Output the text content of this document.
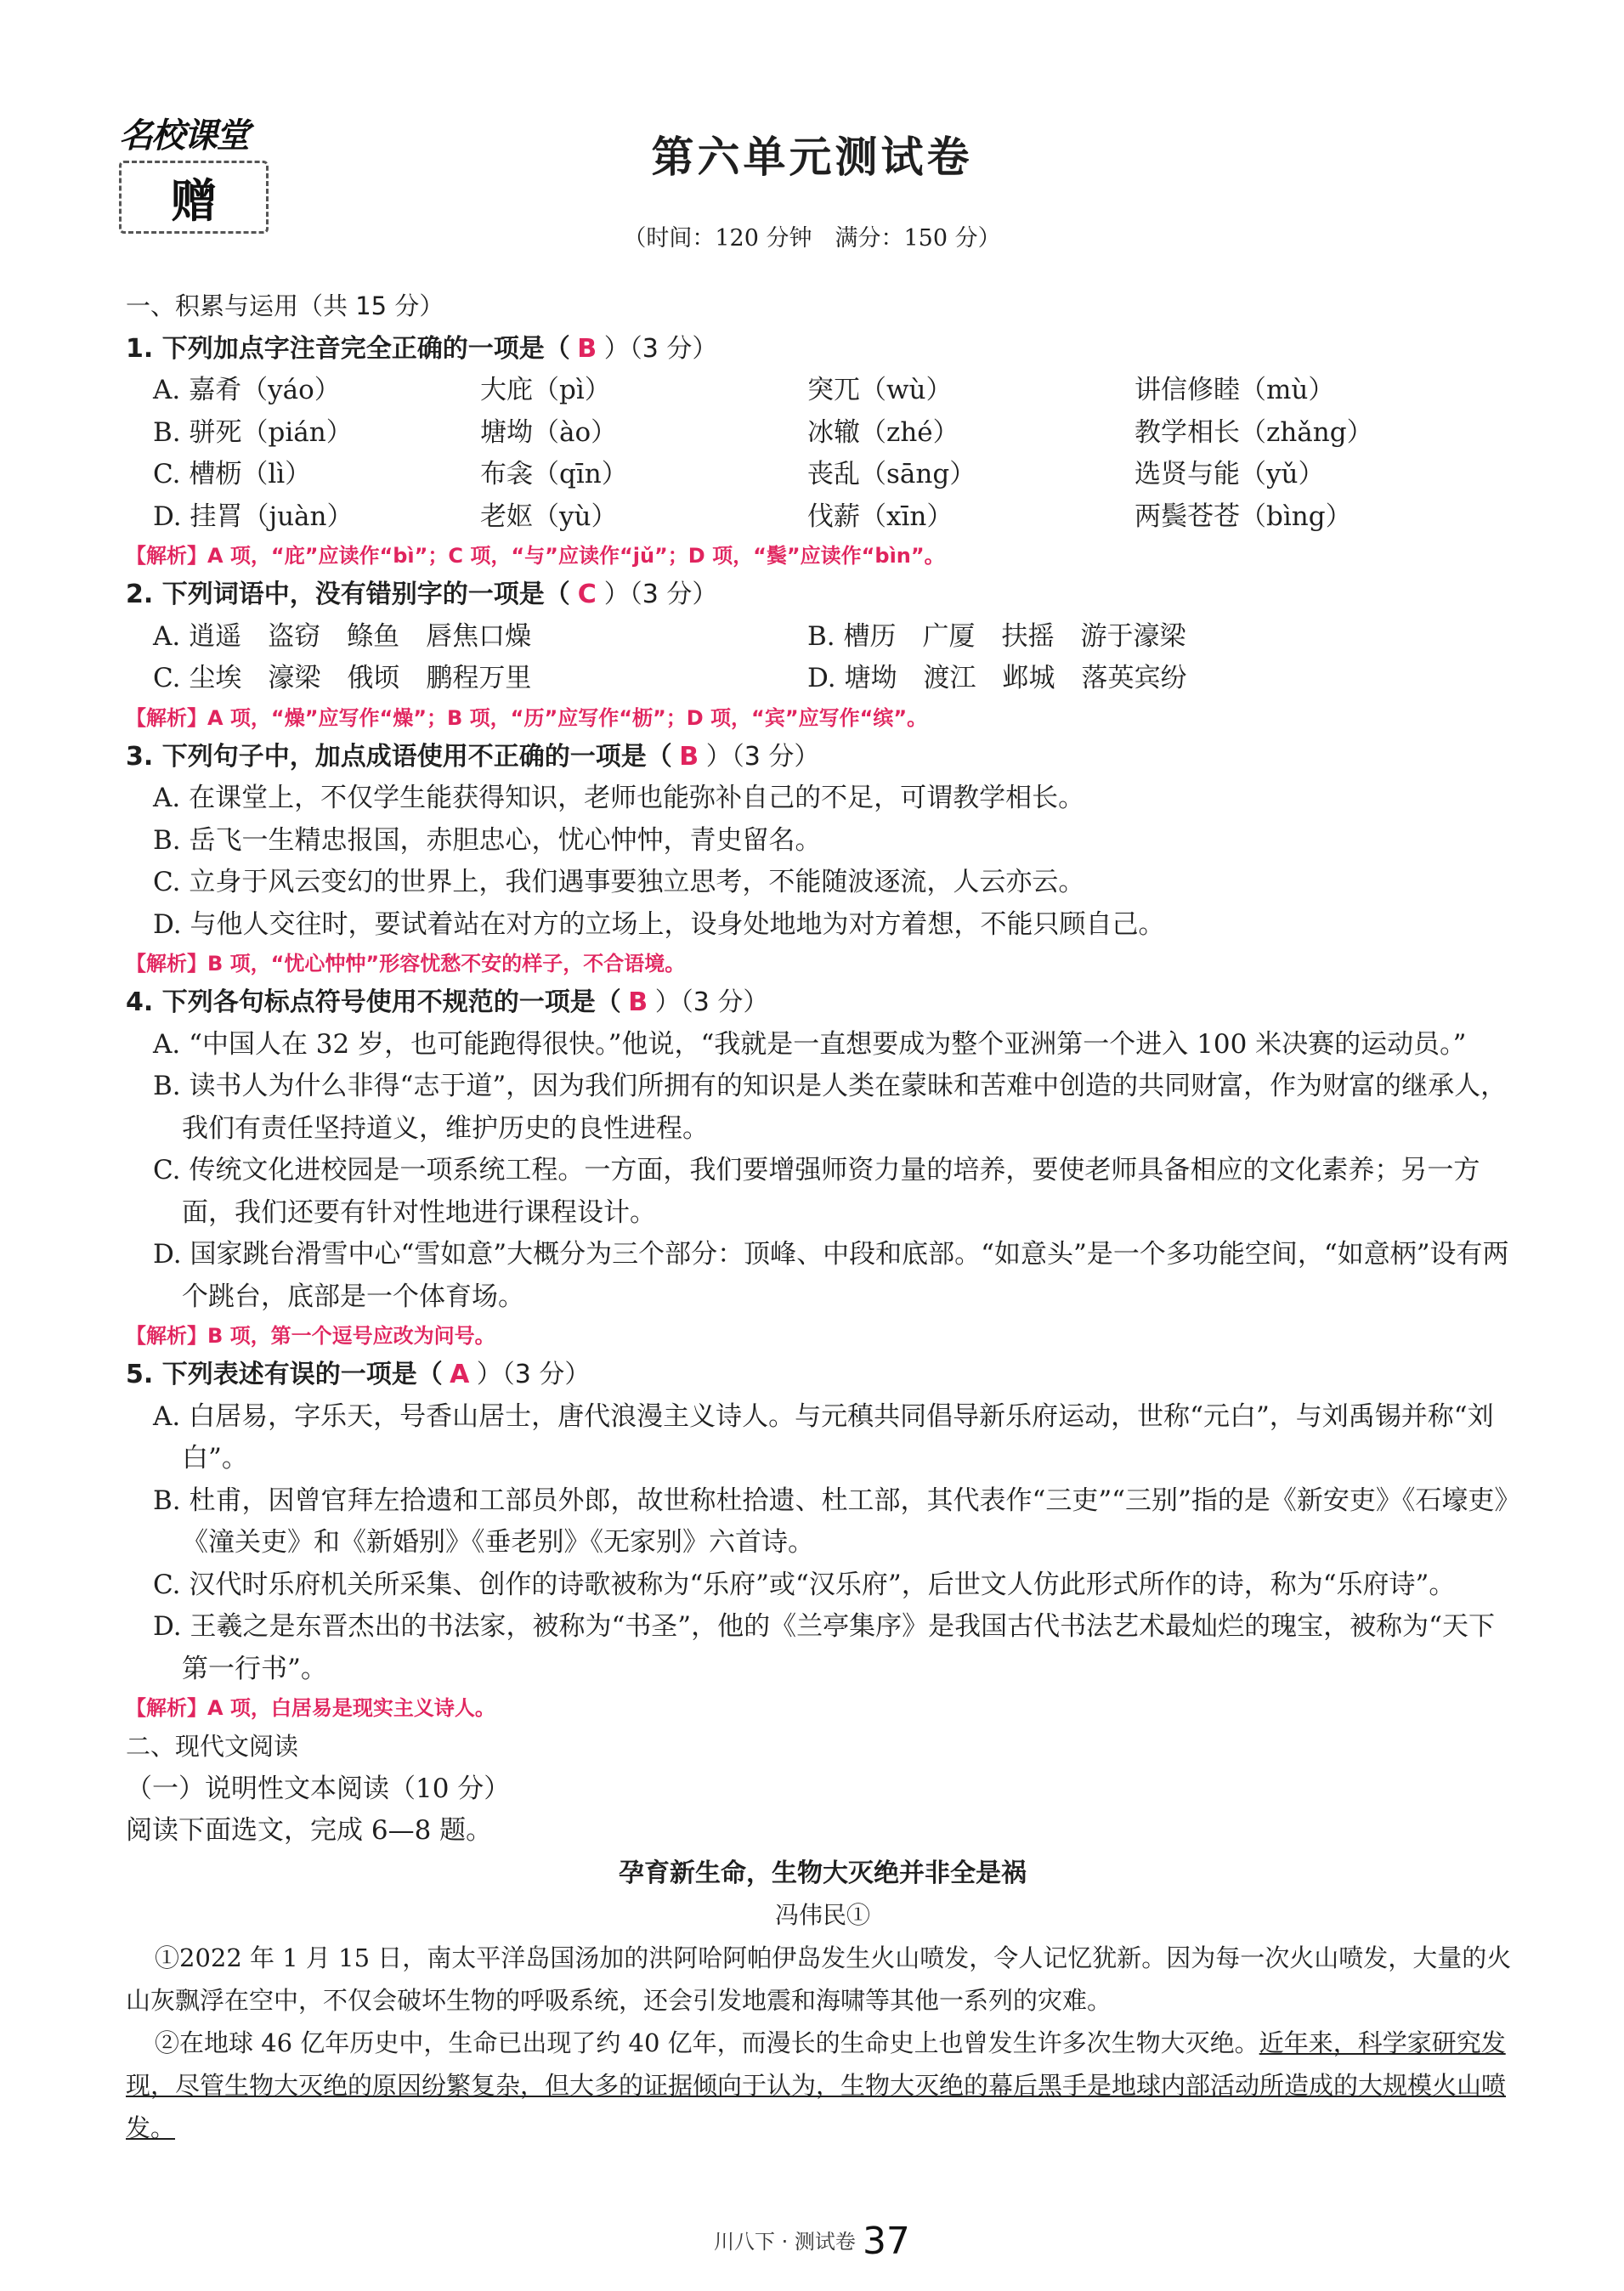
名校课堂
赠
第六单元测试卷
（时间：120 分钟　满分：150 分）

一、积累与运用（共 15 分）

1. 下列加点字注音完全正确的一项是（ B ）（3 分）

A. 嘉肴（yáo）	大庇（pì）	突兀（wù）	讲信修睦（mù）
B. 骈死（pián）	塘坳（ào）	冰辙（zhé）	教学相长（zhǎng）
C. 槽枥（lì）	布衾（qīn）	丧乱（sāng）	选贤与能（yǔ）
D. 挂罥（juàn）	老妪（yù）	伐薪（xīn）	两鬓苍苍（bìng）

【解析】A 项，“庇”应读作“bì”；C 项，“与”应读作“jǔ”；D 项，“鬓”应读作“bìn”。

2. 下列词语中，没有错别字的一项是（ C ）（3 分）

A. 逍遥　盗窃　鲦鱼　唇焦口燥	B. 槽历　广厦　扶摇　游于濠梁
C. 尘埃　濠梁　俄顷　鹏程万里	D. 塘坳　渡江　邺城　落英宾纷

【解析】A 项，“燥”应写作“燥”；B 项，“历”应写作“枥”；D 项，“宾”应写作“缤”。

3. 下列句子中，加点成语使用不正确的一项是（ B ）（3 分）

A. 在课堂上，不仅学生能获得知识，老师也能弥补自己的不足，可谓教学相长。

B. 岳飞一生精忠报国，赤胆忠心，忧心忡忡，青史留名。

C. 立身于风云变幻的世界上，我们遇事要独立思考，不能随波逐流，人云亦云。

D. 与他人交往时，要试着站在对方的立场上，设身处地地为对方着想，不能只顾自己。

【解析】B 项，“忧心忡忡”形容忧愁不安的样子，不合语境。

4. 下列各句标点符号使用不规范的一项是（ B ）（3 分）

A. “中国人在 32 岁，也可能跑得很快。”他说，“我就是一直想要成为整个亚洲第一个进入 100 米决赛的运动员。”

B. 读书人为什么非得“志于道”，因为我们所拥有的知识是人类在蒙昧和苦难中创造的共同财富，作为财富的继承人，我们有责任坚持道义，维护历史的良性进程。

C. 传统文化进校园是一项系统工程。一方面，我们要增强师资力量的培养，要使老师具备相应的文化素养；另一方面，我们还要有针对性地进行课程设计。

D. 国家跳台滑雪中心“雪如意”大概分为三个部分：顶峰、中段和底部。“如意头”是一个多功能空间，“如意柄”设有两个跳台，底部是一个体育场。

【解析】B 项，第一个逗号应改为问号。

5. 下列表述有误的一项是（ A ）（3 分）

A. 白居易，字乐天，号香山居士，唐代浪漫主义诗人。与元稹共同倡导新乐府运动，世称“元白”，与刘禹锡并称“刘白”。

B. 杜甫，因曾官拜左拾遗和工部员外郎，故世称杜拾遗、杜工部，其代表作“三吏”“三别”指的是《新安吏》《石壕吏》《潼关吏》和《新婚别》《垂老别》《无家别》六首诗。

C. 汉代时乐府机关所采集、创作的诗歌被称为“乐府”或“汉乐府”，后世文人仿此形式所作的诗，称为“乐府诗”。

D. 王羲之是东晋杰出的书法家，被称为“书圣”，他的《兰亭集序》是我国古代书法艺术最灿烂的瑰宝，被称为“天下第一行书”。

【解析】A 项，白居易是现实主义诗人。

二、现代文阅读

（一）说明性文本阅读（10 分）

阅读下面选文，完成 6—8 题。

孕育新生命，生物大灭绝并非全是祸

冯伟民①

①2022 年 1 月 15 日，南太平洋岛国汤加的洪阿哈阿帕伊岛发生火山喷发，令人记忆犹新。因为每一次火山喷发，大量的火山灰飘浮在空中，不仅会破坏生物的呼吸系统，还会引发地震和海啸等其他一系列的灾难。

②在地球 46 亿年历史中，生命已出现了约 40 亿年，而漫长的生命史上也曾发生许多次生物大灭绝。近年来，科学家研究发现，尽管生物大灭绝的原因纷繁复杂，但大多的证据倾向于认为，生物大灭绝的幕后黑手是地球内部活动所造成的大规模火山喷发。

川八下 · 测试卷 37
